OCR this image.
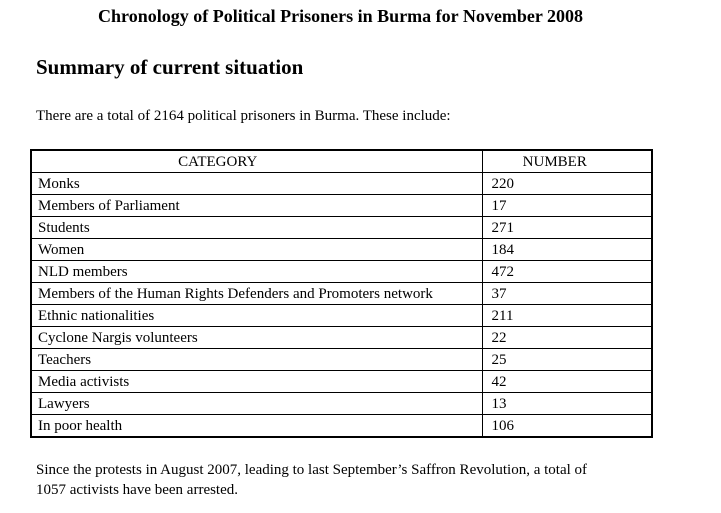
Chronology of Political Prisoners in Burma for November 2008
Summary of current situation
There are a total of 2164 political prisoners in Burma. These include:
CATEGORY	NUMBER
Monks	220
Members of Parliament	17
Students	271
Women	184
NLD members	472
Members of the Human Rights Defenders and Promoters network	37
Ethnic nationalities	211
Cyclone Nargis volunteers	22
Teachers	25
Media activists	42
Lawyers	13
In poor health	106
Since the protests in August 2007, leading to last September’s Saffron Revolution, a total of
1057 activists have been arrested.
